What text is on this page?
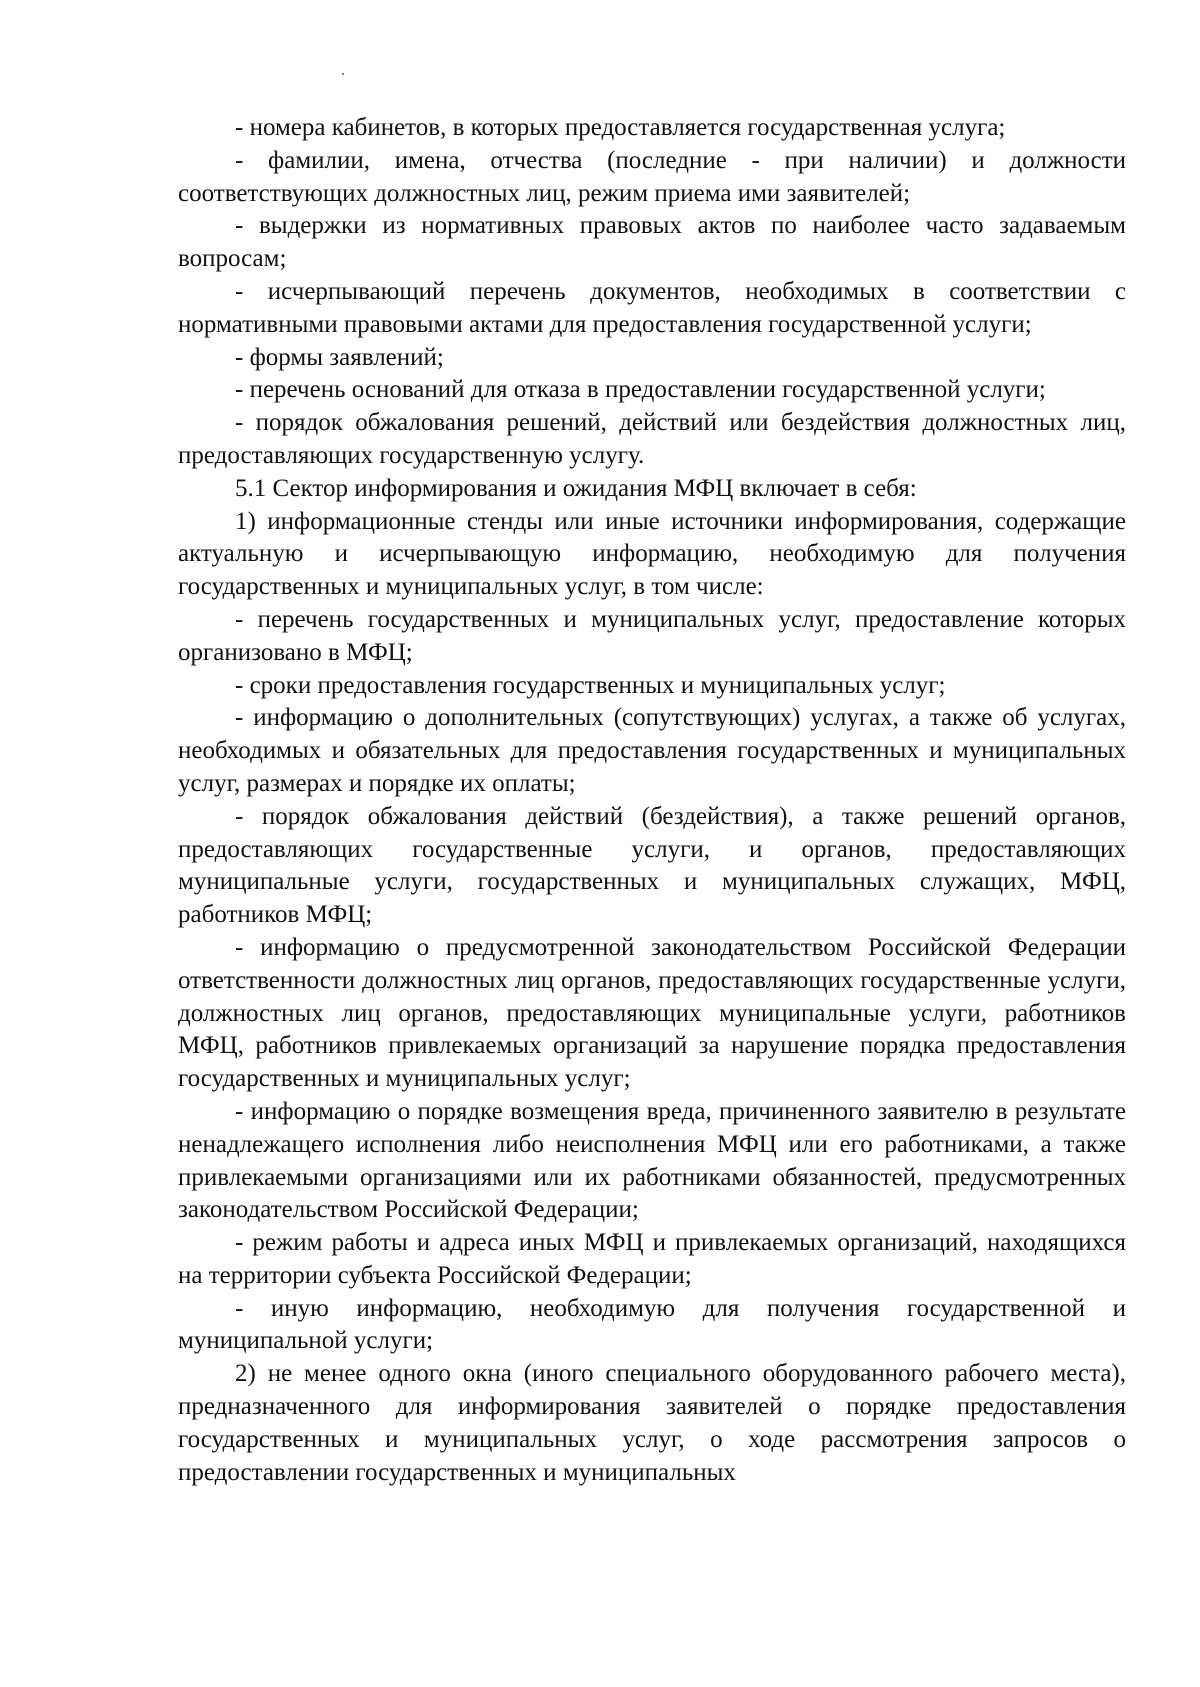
- номера кабинетов, в которых предоставляется государственная услуга;

- фамилии, имена, отчества (последние - при наличии) и должности соответствующих должностных лиц, режим приема ими заявителей;

- выдержки из нормативных правовых актов по наиболее часто задаваемым вопросам;

- исчерпывающий перечень документов, необходимых в соответствии с нормативными правовыми актами для предоставления государственной услуги;

- формы заявлений;

- перечень оснований для отказа в предоставлении государственной услуги;

- порядок обжалования решений, действий или бездействия должностных лиц, предоставляющих государственную услугу.

5.1 Сектор информирования и ожидания МФЦ включает в себя:

1) информационные стенды или иные источники информирования, содержащие актуальную и исчерпывающую информацию, необходимую для получения государственных и муниципальных услуг, в том числе:

- перечень государственных и муниципальных услуг, предоставление которых организовано в МФЦ;

- сроки предоставления государственных и муниципальных услуг;

- информацию о дополнительных (сопутствующих) услугах, а также об услугах, необходимых и обязательных для предоставления государственных и муниципальных услуг, размерах и порядке их оплаты;

- порядок обжалования действий (бездействия), а также решений органов, предоставляющих государственные услуги, и органов, предоставляющих муниципальные услуги, государственных и муниципальных служащих, МФЦ, работников МФЦ;

- информацию о предусмотренной законодательством Российской Федерации ответственности должностных лиц органов, предоставляющих государственные услуги, должностных лиц органов, предоставляющих муниципальные услуги, работников МФЦ, работников привлекаемых организаций за нарушение порядка предоставления государственных и муниципальных услуг;

- информацию о порядке возмещения вреда, причиненного заявителю в результате ненадлежащего исполнения либо неисполнения МФЦ или его работниками, а также привлекаемыми организациями или их работниками обязанностей, предусмотренных законодательством Российской Федерации;

- режим работы и адреса иных МФЦ и привлекаемых организаций, находящихся на территории субъекта Российской Федерации;

- иную информацию, необходимую для получения государственной и муниципальной услуги;

2) не менее одного окна (иного специального оборудованного рабочего места), предназначенного для информирования заявителей о порядке предоставления государственных и муниципальных услуг, о ходе рассмотрения запросов о предоставлении государственных и муниципальных
